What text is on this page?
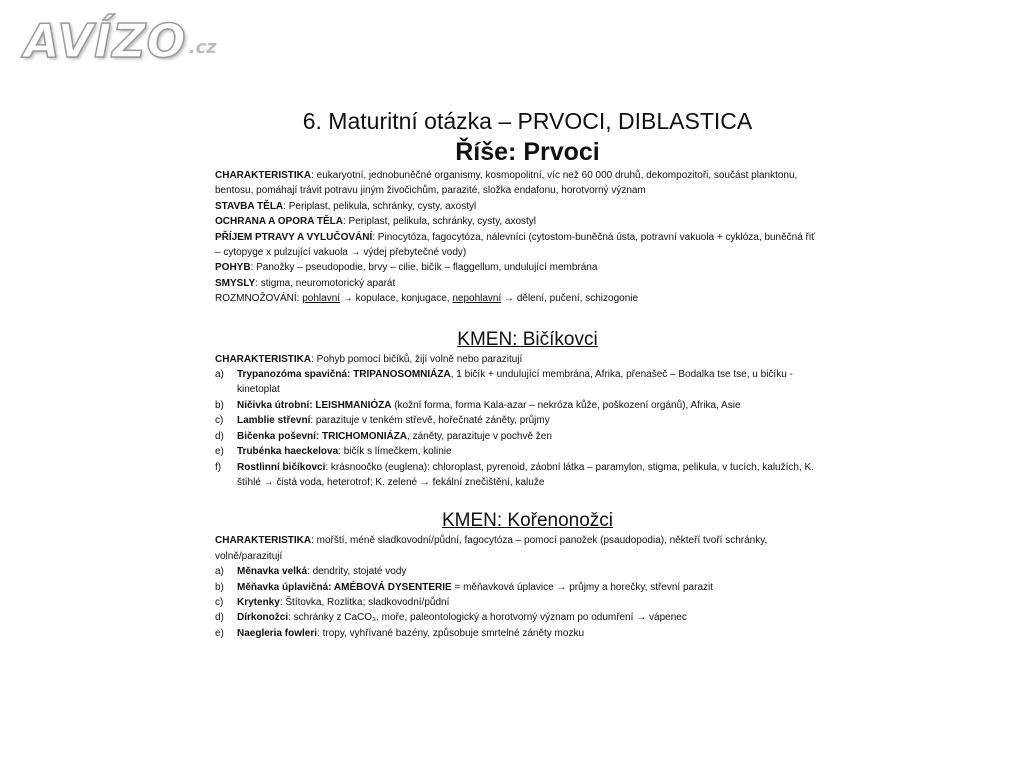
AVÍZO .cz
6. Maturitní otázka – PRVOCI, DIBLASTICA
Říše: Prvoci
CHARAKTERISTIKA: eukaryotní, jednobuněčné organismy, kosmopolitní, víc než 60 000 druhů, dekompozitoři, součást planktonu, bentosu, pomáhají trávit potravu jiným živočichům, parazité, složka endafonu, horotvorný význam
STAVBA TĚLA: Periplast, pelikula, schránky, cysty, axostyl
OCHRANA A OPORA TĚLA: Periplast, pelikula, schránky, cysty, axostyl
PŘÍJEM PTRAVY A VYLUČOVÁNÍ: Pinocytóza, fagocytóza, nálevníci (cytostom-buněčná ústa, potravní vakuola + cyklóza, buněčná řiť – cytopyge x pulzující vakuola → výdej přebytečné vody)
POHYB: Panožky – pseudopodie, brvy – cilie, bičík – flaggellum, undulující membrána
SMYSLY: stigma, neuromotorický aparát
ROZMNOŽOVÁNÍ: pohlavní → kopulace, konjugace, nepohlavní → dělení, pučení, schizogonie
KMEN: Bičíkovci
CHARAKTERISTIKA: Pohyb pomocí bičíků, žijí volně nebo parazitují
a) Trypanozóma spavičná: TRIPANOSOMNIÁZA, 1 bičík + undulující membrána, Afrika, přenašeč – Bodalka tse tse, u bičíku - kinetoplat
b) Ničivka útrobní: LEISHMANIÓZA (kožní forma, forma Kala-azar – nekróza kůže, poškození orgánů), Afrika, Asie
c) Lamblie střevní: parazituje v tenkém střevě, hořečnaté záněty, průjmy
d) Bičenka poševní: TRICHOMONIÁZA, záněty, parazituje v pochvě žen
e) Trubénka haeckelova: bičík s límečkem, kolinie
f) Rostlinní bičíkovci: krásnoočko (euglena): chloroplast, pyrenoid, záobní látka – paramylon, stigma, pelikula, v tucích, kalužích, K. štíhlé → čistá voda, heterotrof; K. zelené → fekální znečištění, kaluže
KMEN: Kořenonožci
CHARAKTERISTIKA: mořští, méně sladkovodní/půdní, fagocytóza – pomocí panožek (psaudopodia), někteří tvoří schránky, volně/parazitují
a) Měnavka velká: dendrity, stojaté vody
b) Měňavka úplavičná: AMÉBOVÁ DYSENTERIE = měňavková úplavice → průjmy a horečky, střevní parazit
c) Krytenky: Štítovka, Rozlitka; sladkovodní/půdní
d) Dírkonožci: schránky z CaCO₃, moře, paleontologický a horotvorný význam po odumření → vápenec
e) Naegleria fowleri: tropy, vyhřívané bazény, způsobuje smrtelné záněty mozku
